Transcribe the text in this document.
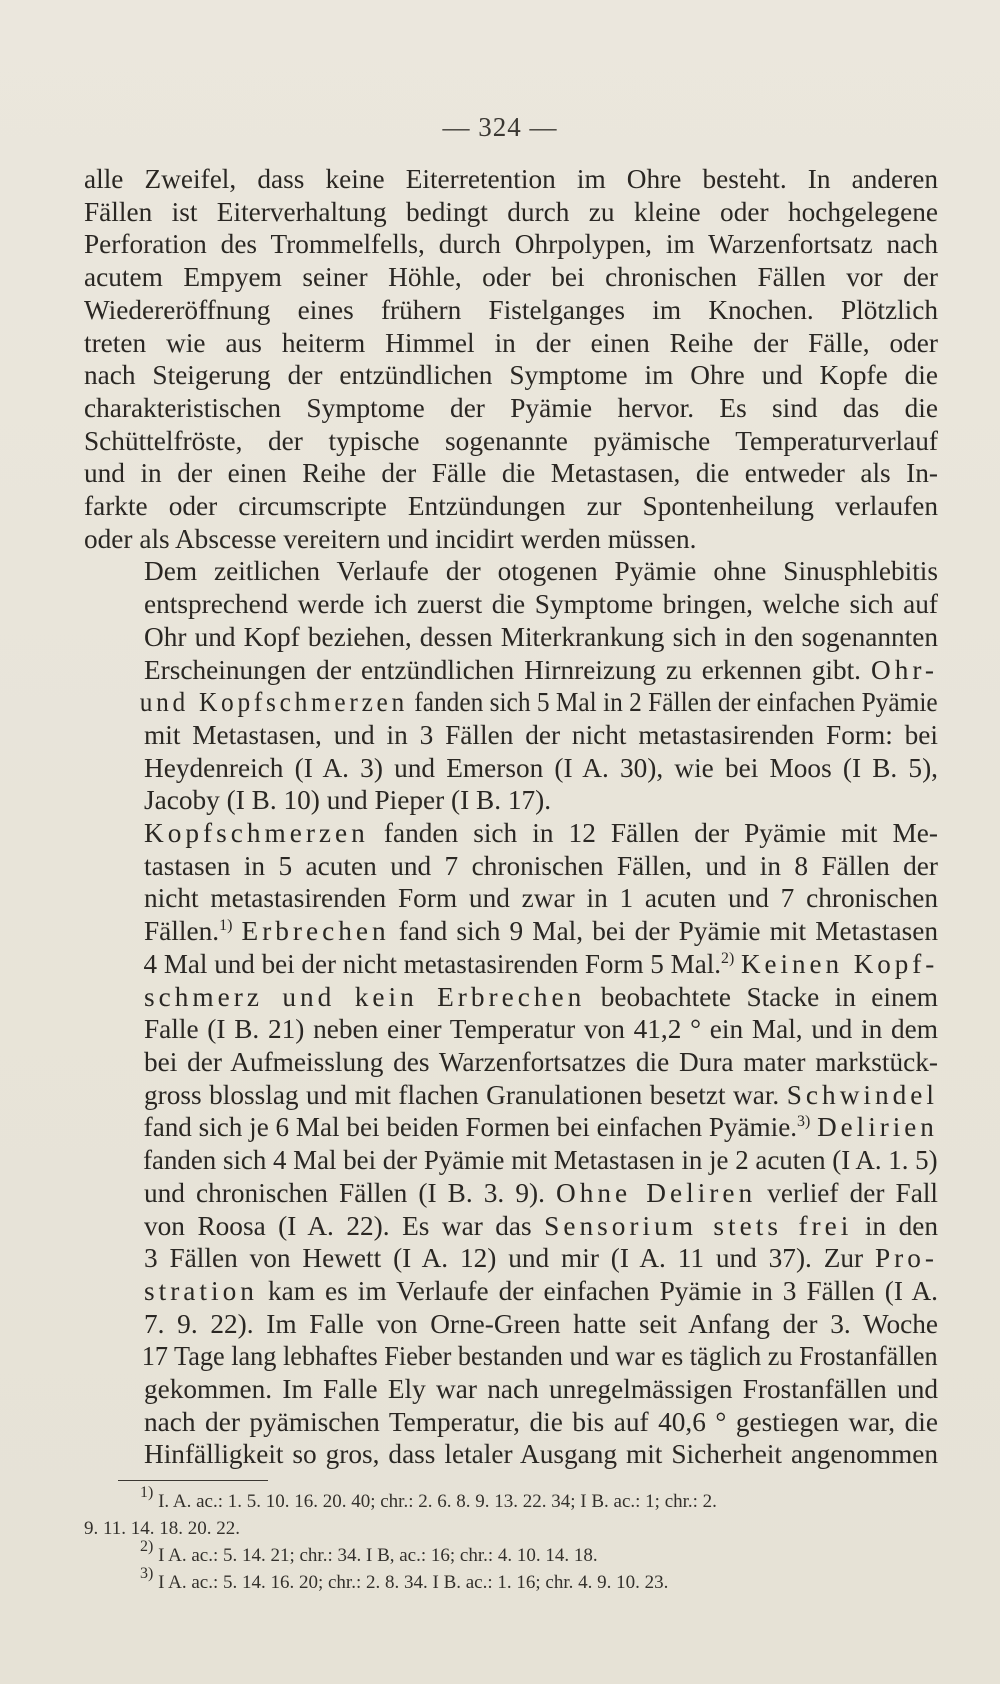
— 324 —

alle Zweifel, dass keine Eiterretention im Ohre besteht. In anderen
Fällen ist Eiterverhaltung bedingt durch zu kleine oder hochgelegene
Perforation des Trommelfells, durch Ohrpolypen, im Warzenfortsatz nach
acutem Empyem seiner Höhle, oder bei chronischen Fällen vor der
Wiedereröffnung eines frühern Fistelganges im Knochen. Plötzlich
treten wie aus heiterm Himmel in der einen Reihe der Fälle, oder
nach Steigerung der entzündlichen Symptome im Ohre und Kopfe die
charakteristischen Symptome der Pyämie hervor. Es sind das die
Schüttelfröste, der typische sogenannte pyämische Temperaturverlauf
und in der einen Reihe der Fälle die Metastasen, die entweder als In-
farkte oder circumscripte Entzündungen zur Spontenheilung verlaufen
oder als Abscesse vereitern und incidirt werden müssen.

Dem zeitlichen Verlaufe der otogenen Pyämie ohne Sinusphlebitis
entsprechend werde ich zuerst die Symptome bringen, welche sich auf
Ohr und Kopf beziehen, dessen Miterkrankung sich in den sogenannten
Erscheinungen der entzündlichen Hirnreizung zu erkennen gibt. Ohr-
und Kopfschmerzen fanden sich 5 Mal in 2 Fällen der einfachen Pyämie
mit Metastasen, und in 3 Fällen der nicht metastasirenden Form: bei
Heydenreich (I A. 3) und Emerson (I A. 30), wie bei Moos (I B. 5),
Jacoby (I B. 10) und Pieper (I B. 17).

Kopfschmerzen fanden sich in 12 Fällen der Pyämie mit Me-
tastasen in 5 acuten und 7 chronischen Fällen, und in 8 Fällen der
nicht metastasirenden Form und zwar in 1 acuten und 7 chronischen
Fällen.$^{1)}$ Erbrechen fand sich 9 Mal, bei der Pyämie mit Metastasen
4 Mal und bei der nicht metastasirenden Form 5 Mal.$^{2)}$ Keinen Kopf-
schmerz und kein Erbrechen beobachtete Stacke in einem
Falle (I B. 21) neben einer Temperatur von 41,2 ° ein Mal, und in dem
bei der Aufmeisslung des Warzenfortsatzes die Dura mater markstück-
gross blosslag und mit flachen Granulationen besetzt war. Schwindel
fand sich je 6 Mal bei beiden Formen bei einfachen Pyämie.$^{3)}$ Delirien
fanden sich 4 Mal bei der Pyämie mit Metastasen in je 2 acuten (I A. 1. 5)
und chronischen Fällen (I B. 3. 9). Ohne Deliren verlief der Fall
von Roosa (I A. 22). Es war das Sensorium stets frei in den
3 Fällen von Hewett (I A. 12) und mir (I A. 11 und 37). Zur Pro-
stration kam es im Verlaufe der einfachen Pyämie in 3 Fällen (I A.
7. 9. 22). Im Falle von Orne-Green hatte seit Anfang der 3. Woche
17 Tage lang lebhaftes Fieber bestanden und war es täglich zu Frostanfällen
gekommen. Im Falle Ely war nach unregelmässigen Frostanfällen und
nach der pyämischen Temperatur, die bis auf 40,6 ° gestiegen war, die
Hinfälligkeit so gros, dass letaler Ausgang mit Sicherheit angenommen

$^{1)}$ I. A. ac.: 1. 5. 10. 16. 20. 40; chr.: 2. 6. 8. 9. 13. 22. 34; I B. ac.: 1; chr.: 2.
9. 11. 14. 18. 20. 22.
$^{2)}$ I A. ac.: 5. 14. 21; chr.: 34. I B, ac.: 16; chr.: 4. 10. 14. 18.
$^{3)}$ I A. ac.: 5. 14. 16. 20; chr.: 2. 8. 34. I B. ac.: 1. 16; chr. 4. 9. 10. 23.
